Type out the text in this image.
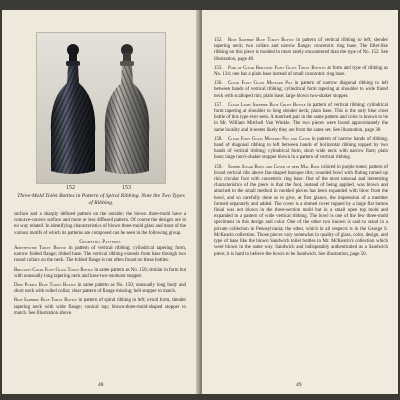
152	153
Three-Mold Toilet Bottles in Pattern of Spiral Ribbing. Note the Two Types of Ribbing.
surface and a sharply defined pattern on the outside; the blown three-mold have a concave-convex surface and more or less diffused pattern. Of course the designs are in no way related. In identifying characteristics of blown three-mold glass and most of the various motifs of which its patterns are composed can be seen in the following group.
Geometric Patterns
Amethystine Toilet Bottle in pattern of vertical ribbing; cylindrical tapering form, narrow folded flange; ribbed base. The vertical ribbing extends from base through two round collars on the neck. The folded flange is not often found on these bottles.
Brilliant Clear Flint Glass Toilet Bottle in same pattern as No. 150; similar in form but with unusually long tapering neck and base two-sunburst stopper.
Deep Purple Blue Toilet Bottle in same pattern as No. 150; unusually long body and short neck with rolled collar; clear pattern of flange missing; bell stopper to match.
Rich Sapphire Blue Toilet Bottle in pattern of spiral ribbing to left; ovoid form, slender tapering neck with wide flange; conical top; blown-three-mold-shaped stopper to match. See Illustration above.
48
152. Rich Sapphire Blue Toilet Bottle in pattern of vertical ribbing to left; slender tapering neck; two collars and narrow flange; concentric ring base. The fillet-like ribbing on this piece is molded in more rarely encountered than the type of No. 152. See illustration, page 48.
153. Pair of Clear Brilliant Flint Glass Toilet Bottles at form and type of ribbing as No. 134; one has a plain base instead of small concentric ring base.
156. Clear Flint Glass Mustard Pot in pattern of narrow diagonal ribbing to left between bands of vertical ribbing; cylindrical form tapering at shoulder to wide flared neck with scalloped rim; plain base; large blown two-shaker stopper.
157. Clear Light Sapphire Blue Cruet Bottle in pattern of vertical ribbing; cylindrical form tapering at shoulder to long slender neck; plain base. This is the only blue cruet bottle of this type ever seen. A matched pair in the same pattern and color is known to be in Mr. William Mitchell Van Winkle. The two pieces were found approximately the same locality and it seems likely they are from the same set. See illustration, page 38.
158. Clear Flint Glass Mustard Pot and Cover in pattern of narrow bands of ribbing; band of diagonal ribbing to left between bands of horizontal ribbing topped by two bands of vertical ribbing; cylindrical form, short wide neck with narrow flare; plain base; large ram's-shaker stopper blown in a pattern of vertical ribbing.
159. Superb Sugar Bowl and Cover of deep Mac Rose colored in purple tones; pattern of broad vertical ribs above fan-shaped baroque ribs; rounded bowl with fluting turned up rim; circular foot with concentric ring base. One of the most unusual and interesting characteristics of the piece is that the foot, instead of being applied, was blown and attached to the small method in molded pieces has been expanded with blow from the bowl, and so carefully done as to give, at first glance, the impression of a member formed separately and added. The cover is a domed cover topped by a large flat button finial was not blown in the three-section mold but in a small open top mold and expanded to a pattern of wide vertical ribbing. The bowl is one of the few three-mold specimens in this design and color. One of the other two known is said to stand in a private collection in Pennsylvania; the other, which in all respects is in the George S. McKearin collection. Those pieces vary somewhat in quality of glass, color, design, and type of base like the blown Sandwich toilet bottles in Mr. McKearin's collection which were blown in the same way. Sandwich and indisputably authenticated as a Sandwich piece; it is hard to believe the bowls to be Sandwich. See illustration, page 50.
49
